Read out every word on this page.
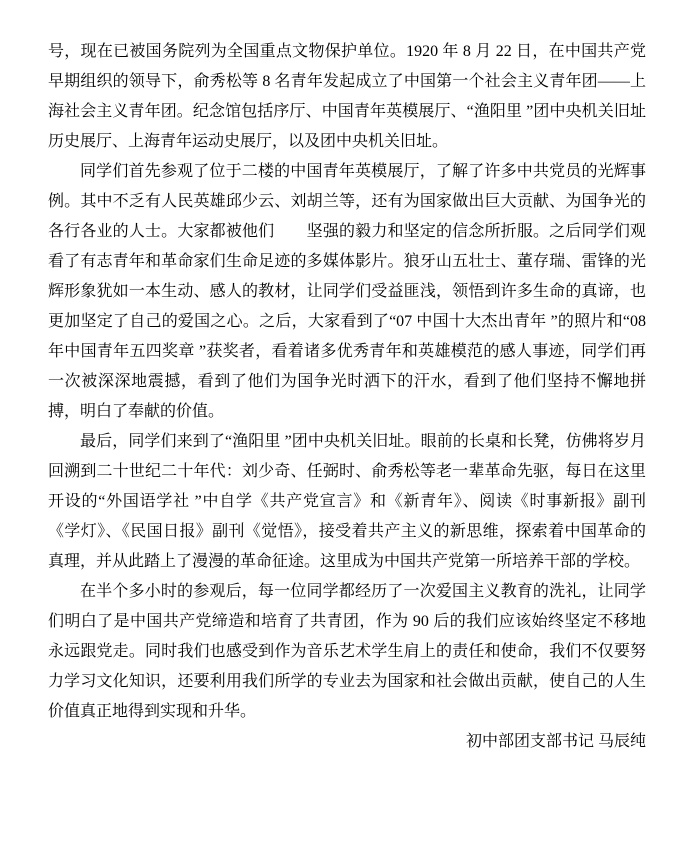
号，现在已被国务院列为全国重点文物保护单位。1920 年 8 月 22 日，在中国共产党早期组织的领导下，俞秀松等 8 名青年发起成立了中国第一个社会主义青年团——上海社会主义青年团。纪念馆包括序厅、中国青年英模展厅、“渔阳里 ”团中央机关旧址历史展厅、上海青年运动史展厅，以及团中央机关旧址。

同学们首先参观了位于二楼的中国青年英模展厅，了解了许多中共党员的光辉事例。其中不乏有人民英雄邱少云、刘胡兰等，还有为国家做出巨大贡献、为国争光的各行各业的人士。大家都被他们　　坚强的毅力和坚定的信念所折服。之后同学们观看了有志青年和革命家们生命足迹的多媒体影片。狼牙山五壮士、董存瑞、雷锋的光辉形象犹如一本生动、感人的教材，让同学们受益匪浅，领悟到许多生命的真谛，也更加坚定了自己的爱国之心。之后，大家看到了“07 中国十大杰出青年 ”的照片和“08 年中国青年五四奖章 ”获奖者，看着诸多优秀青年和英雄模范的感人事迹，同学们再一次被深深地震撼，看到了他们为国争光时洒下的汗水，看到了他们坚持不懈地拼搏，明白了奉献的价值。

最后，同学们来到了“渔阳里 ”团中央机关旧址。眼前的长桌和长凳，仿佛将岁月回溯到二十世纪二十年代：刘少奇、任弼时、俞秀松等老一辈革命先驱，每日在这里开设的“外国语学社 ”中自学《共产党宣言》和《新青年》、阅读《时事新报》副刊《学灯》、《民国日报》副刊《觉悟》，接受着共产主义的新思维，探索着中国革命的真理，并从此踏上了漫漫的革命征途。这里成为中国共产党第一所培养干部的学校。

在半个多小时的参观后，每一位同学都经历了一次爱国主义教育的洗礼，让同学们明白了是中国共产党缔造和培育了共青团，作为 90 后的我们应该始终坚定不移地永远跟党走。同时我们也感受到作为音乐艺术学生肩上的责任和使命，我们不仅要努力学习文化知识，还要利用我们所学的专业去为国家和社会做出贡献，使自己的人生价值真正地得到实现和升华。

初中部团支部书记 马辰纯
